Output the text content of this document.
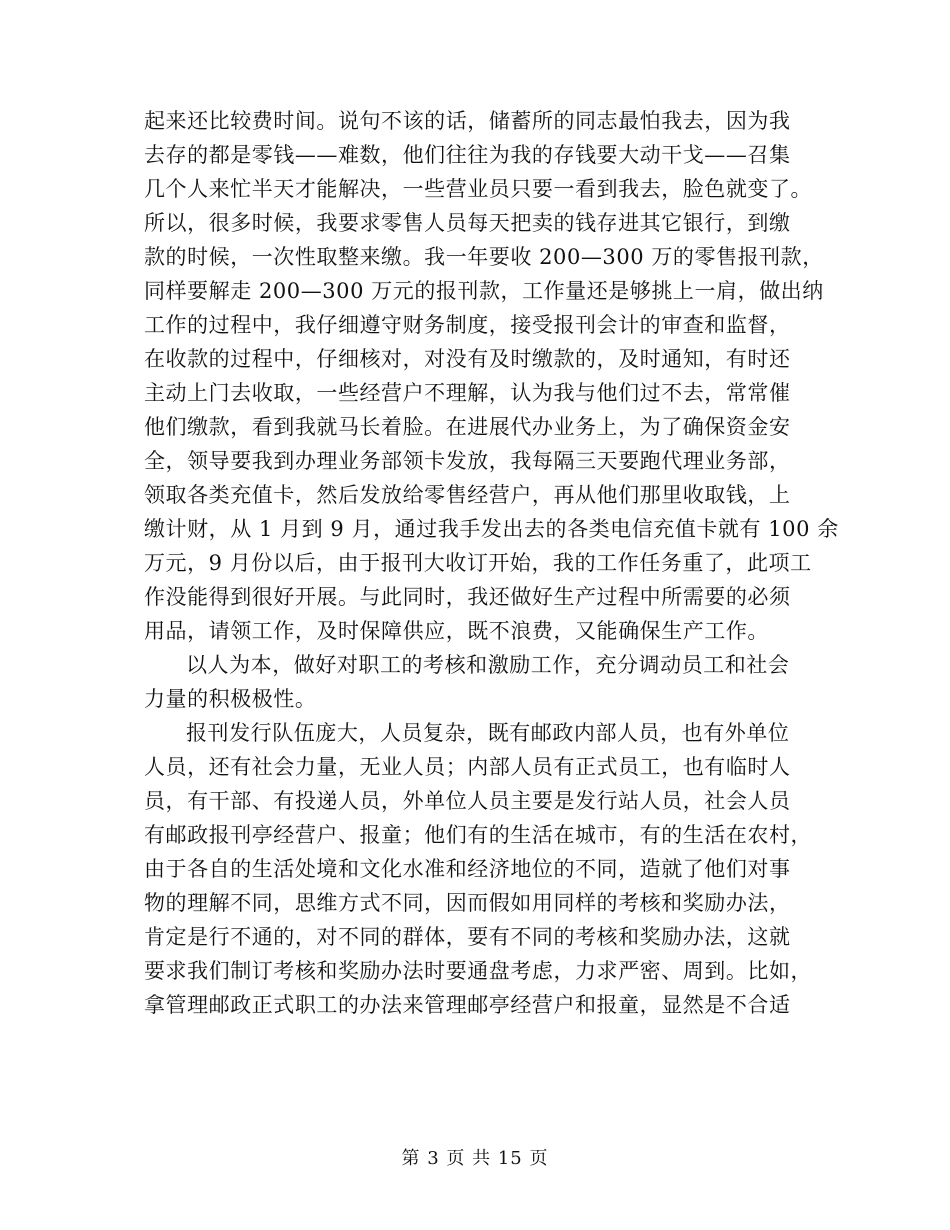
起来还比较费时间。说句不该的话，储蓄所的同志最怕我去，因为我

去存的都是零钱——难数，他们往往为我的存钱要大动干戈——召集

几个人来忙半天才能解决，一些营业员只要一看到我去，脸色就变了。

所以，很多时候，我要求零售人员每天把卖的钱存进其它银行，到缴

款的时候，一次性取整来缴。我一年要收 200—300 万的零售报刊款，

同样要解走 200—300 万元的报刊款，工作量还是够挑上一肩，做出纳

工作的过程中，我仔细遵守财务制度，接受报刊会计的审查和监督，

在收款的过程中，仔细核对，对没有及时缴款的，及时通知，有时还

主动上门去收取，一些经营户不理解，认为我与他们过不去，常常催

他们缴款，看到我就马长着脸。在进展代办业务上，为了确保资金安

全，领导要我到办理业务部领卡发放，我每隔三天要跑代理业务部，

领取各类充值卡，然后发放给零售经营户，再从他们那里收取钱，上

缴计财，从 1 月到 9 月，通过我手发出去的各类电信充值卡就有 100 余

万元，9 月份以后，由于报刊大收订开始，我的工作任务重了，此项工

作没能得到很好开展。与此同时，我还做好生产过程中所需要的必须

用品，请领工作，及时保障供应，既不浪费，又能确保生产工作。

以人为本，做好对职工的考核和激励工作，充分调动员工和社会

力量的积极极性。

报刊发行队伍庞大，人员复杂，既有邮政内部人员，也有外单位

人员，还有社会力量，无业人员；内部人员有正式员工，也有临时人

员，有干部、有投递人员，外单位人员主要是发行站人员，社会人员

有邮政报刊亭经营户、报童；他们有的生活在城市，有的生活在农村，

由于各自的生活处境和文化水准和经济地位的不同，造就了他们对事

物的理解不同，思维方式不同，因而假如用同样的考核和奖励办法，

肯定是行不通的，对不同的群体，要有不同的考核和奖励办法，这就

要求我们制订考核和奖励办法时要通盘考虑，力求严密、周到。比如，

拿管理邮政正式职工的办法来管理邮亭经营户和报童，显然是不合适

第 3 页 共 15 页
